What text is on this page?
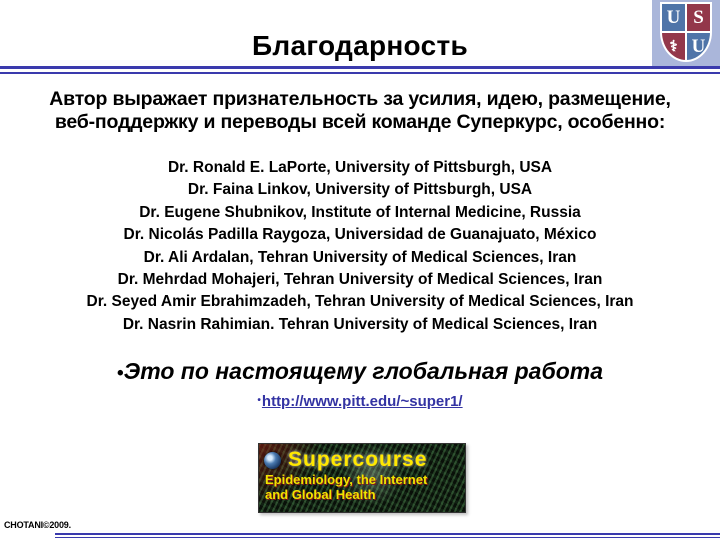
Благодарность
U S
⚕ U
Автор выражает признательность за усилия, идею, размещение,
веб-поддержку и переводы всей команде Суперкурс, особенно:
Dr. Ronald E. LaPorte, University of Pittsburgh, USA
Dr. Faina Linkov, University of Pittsburgh, USA
Dr. Eugene Shubnikov, Institute of Internal Medicine, Russia
Dr. Nicolás Padilla Raygoza, Universidad de Guanajuato, México
Dr. Ali Ardalan, Tehran University of Medical Sciences, Iran
Dr. Mehrdad Mohajeri, Tehran University of Medical Sciences, Iran
Dr. Seyed Amir Ebrahimzadeh, Tehran University of Medical Sciences, Iran
Dr. Nasrin Rahimian. Tehran University of Medical Sciences, Iran
•Это по настоящему глобальная работа
•http://www.pitt.edu/~super1/
Supercourse
Epidemiology, the Internet
and Global Health
CHOTANI©2009.
